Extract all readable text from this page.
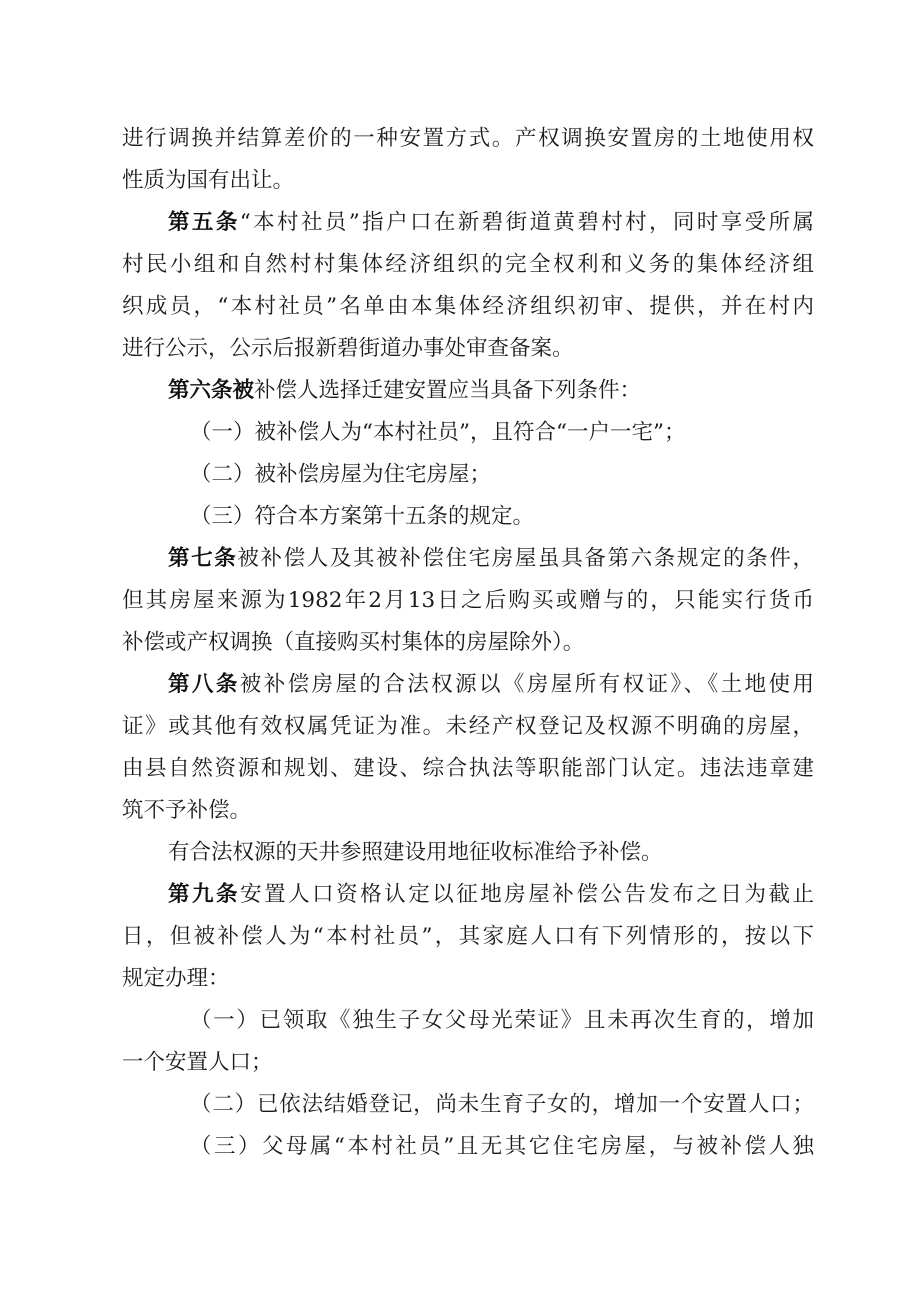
进行调换并结算差价的一种安置方式。产权调换安置房的土地使用权
性质为国有出让。
第五条“本村社员”指户口在新碧街道黄碧村村，同时享受所属
村民小组和自然村村集体经济组织的完全权利和义务的集体经济组
织成员，“本村社员”名单由本集体经济组织初审、提供，并在村内
进行公示，公示后报新碧街道办事处审查备案。
第六条被补偿人选择迁建安置应当具备下列条件：
（一）被补偿人为“本村社员”，且符合“一户一宅”；
（二）被补偿房屋为住宅房屋；
（三）符合本方案第十五条的规定。
第七条被补偿人及其被补偿住宅房屋虽具备第六条规定的条件，
但其房屋来源为1982年2月13日之后购买或赠与的，只能实行货币
补偿或产权调换（直接购买村集体的房屋除外）。
第八条被补偿房屋的合法权源以《房屋所有权证》、《土地使用
证》或其他有效权属凭证为准。未经产权登记及权源不明确的房屋，
由县自然资源和规划、建设、综合执法等职能部门认定。违法违章建
筑不予补偿。
有合法权源的天井参照建设用地征收标准给予补偿。
第九条安置人口资格认定以征地房屋补偿公告发布之日为截止
日，但被补偿人为“本村社员”，其家庭人口有下列情形的，按以下
规定办理：
（一）已领取《独生子女父母光荣证》且未再次生育的，增加
一个安置人口；
（二）已依法结婚登记，尚未生育子女的，增加一个安置人口；
（三）父母属“本村社员”且无其它住宅房屋，与被补偿人独
